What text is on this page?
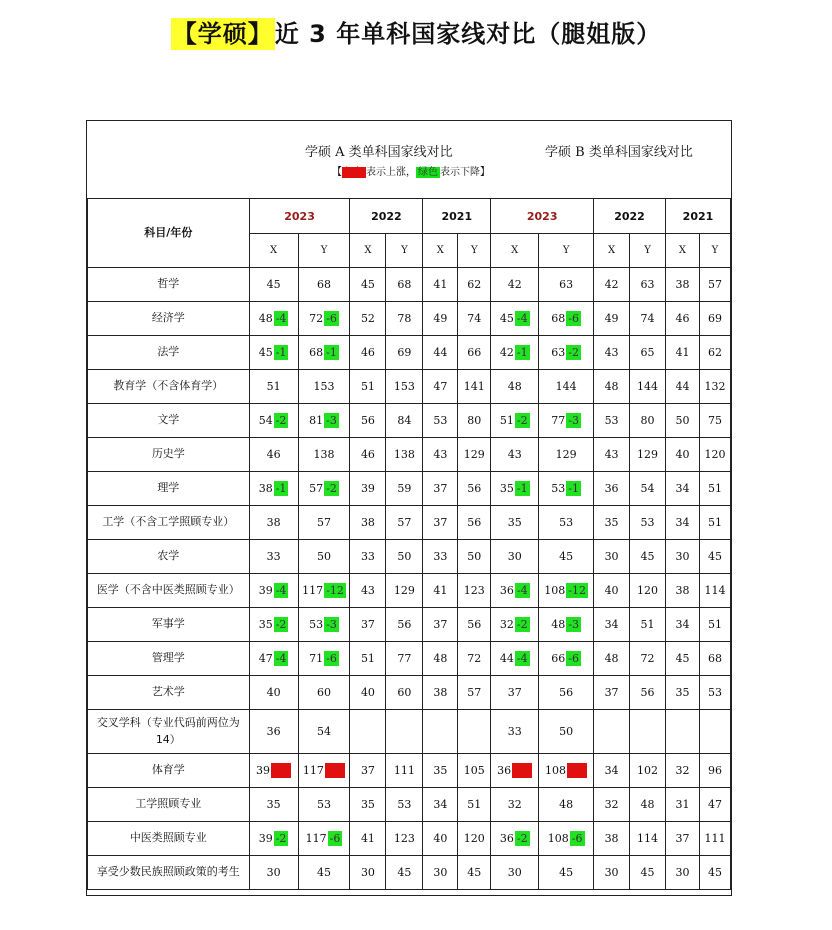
【学硕】近 3 年单科国家线对比（腿姐版）
学硕 A 类单科国家线对比	学硕 B 类单科国家线对比
【 红色 表示上涨， 绿色 表示下降】
科目/年份	2023		2022		2021		2023		2022		2021	
	X	Y	X	Y	X	Y	X	Y	X	Y	X	Y
哲学	45	68	45	68	41	62	42	63	42	63	38	57
经济学	48 -4	72 -6	52	78	49	74	45 -4	68 -6	49	74	46	69
法学	45 -1	68 -1	46	69	44	66	42 -1	63 -2	43	65	41	62
教育学（不含体育学）	51	153	51	153	47	141	48	144	48	144	44	132
文学	54 -2	81 -3	56	84	53	80	51 -2	77 -3	53	80	50	75
历史学	46	138	46	138	43	129	43	129	43	129	40	120
理学	38 -1	57 -2	39	59	37	56	35 -1	53 -1	36	54	34	51
工学（不含工学照顾专业）	38	57	38	57	37	56	35	53	35	53	34	51
农学	33	50	33	50	33	50	30	45	30	45	30	45
医学（不含中医类照顾专业）	39 -4	117 -12	43	129	41	123	36 -4	108 -12	40	120	38	114
军事学	35 -2	53 -3	37	56	37	56	32 -2	48 -3	34	51	34	51
管理学	47 -4	71 -6	51	77	48	72	44 -4	66 -6	48	72	45	68
艺术学	40	60	40	60	38	57	37	56	37	56	35	53
交叉学科（专业代码前两位为14）	36	54					33	50				
体育学	39 +2	117 +6	37	111	35	105	36 +2	108 +6	34	102	32	96
工学照顾专业	35	53	35	53	34	51	32	48	32	48	31	47
中医类照顾专业	39 -2	117 -6	41	123	40	120	36 -2	108 -6	38	114	37	111
享受少数民族照顾政策的考生	30	45	30	45	30	45	30	45	30	45	30	45
